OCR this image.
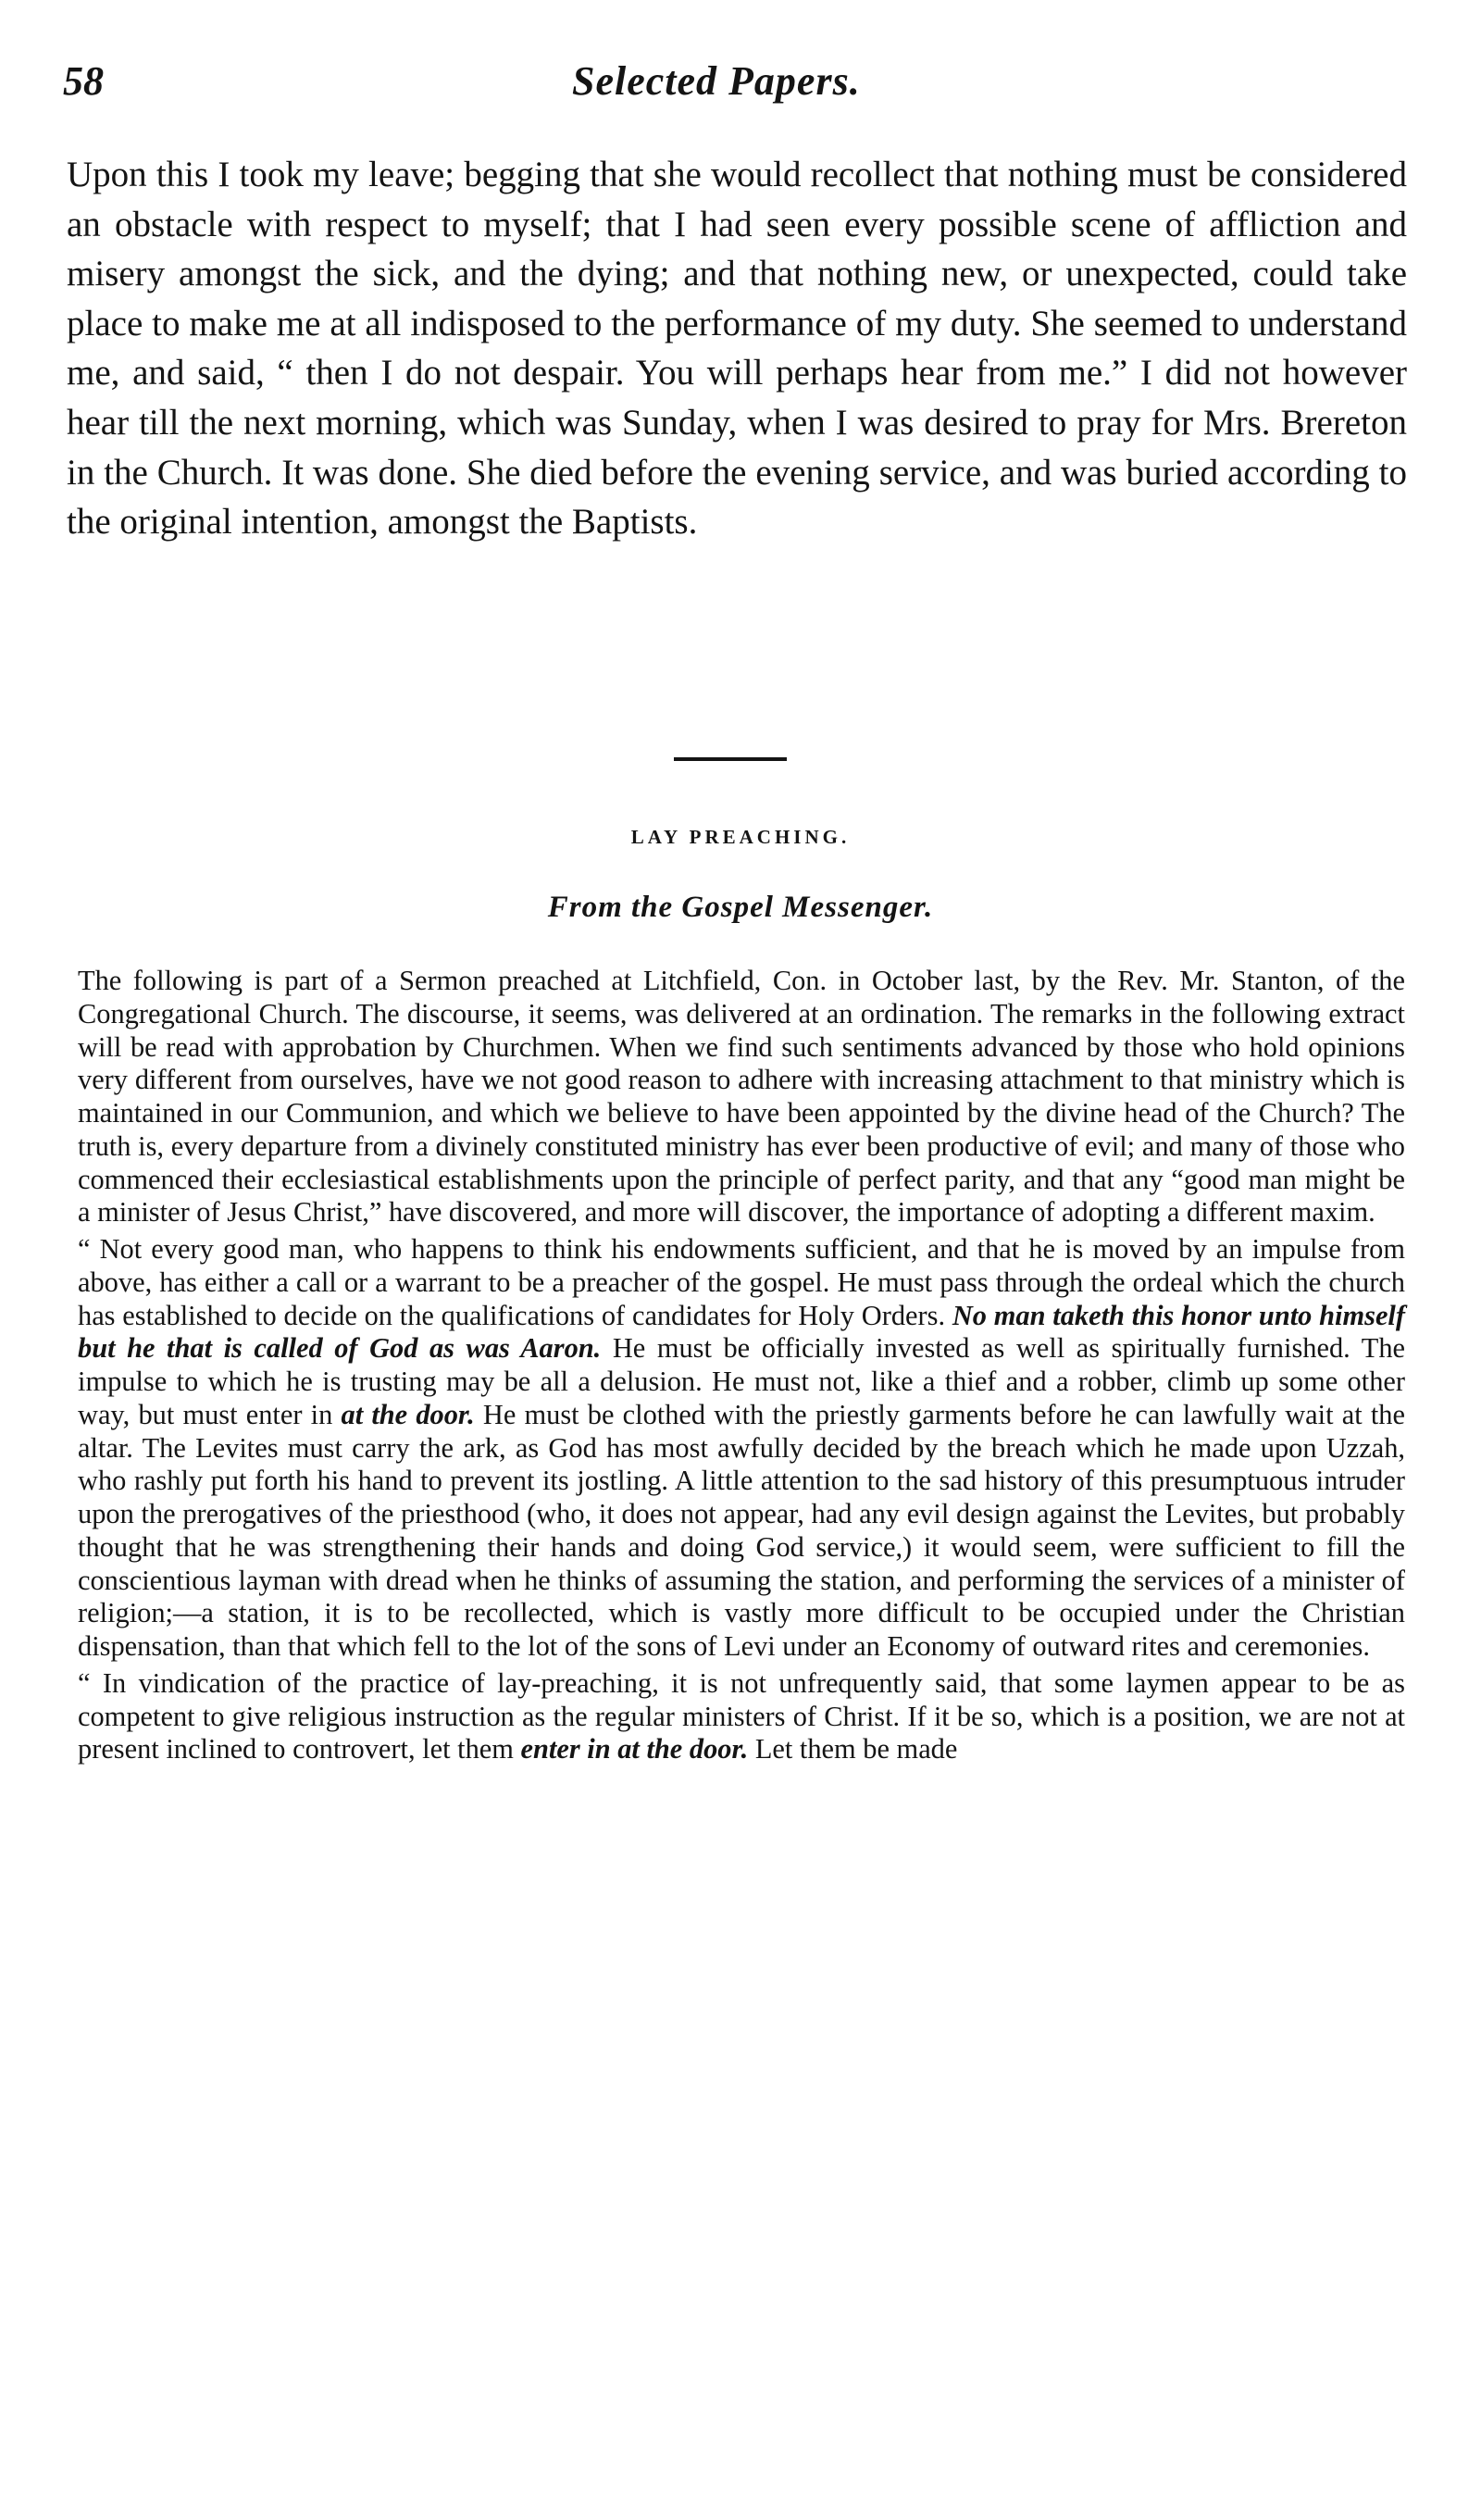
58	Selected Papers.

Upon this I took my leave; begging that she would recollect that nothing must be considered an obstacle with respect to myself; that I had seen every possible scene of affliction and misery amongst the sick, and the dying; and that nothing new, or unexpected, could take place to make me at all indisposed to the performance of my duty. She seemed to understand me, and said, “ then I do not despair. You will perhaps hear from me.” I did not however hear till the next morning, which was Sunday, when I was desired to pray for Mrs. Brereton in the Church. It was done. She died before the evening service, and was buried according to the original intention, amongst the Baptists.

LAY PREACHING.

From the Gospel Messenger.

The following is part of a Sermon preached at Litchfield, Con. in October last, by the Rev. Mr. Stanton, of the Congregational Church. The discourse, it seems, was delivered at an ordination. The remarks in the following extract will be read with approbation by Churchmen. When we find such sentiments advanced by those who hold opinions very different from ourselves, have we not good reason to adhere with increasing attachment to that ministry which is maintained in our Communion, and which we believe to have been appointed by the divine head of the Church? The truth is, every departure from a divinely constituted ministry has ever been productive of evil; and many of those who commenced their ecclesiastical establishments upon the principle of perfect parity, and that any “good man might be a minister of Jesus Christ,” have discovered, and more will discover, the importance of adopting a different maxim.

“ Not every good man, who happens to think his endowments sufficient, and that he is moved by an impulse from above, has either a call or a warrant to be a preacher of the gospel. He must pass through the ordeal which the church has established to decide on the qualifications of candidates for Holy Orders. No man taketh this honor unto himself but he that is called of God as was Aaron. He must be officially invested as well as spiritually furnished. The impulse to which he is trusting may be all a delusion. He must not, like a thief and a robber, climb up some other way, but must enter in at the door. He must be clothed with the priestly garments before he can lawfully wait at the altar. The Levites must carry the ark, as God has most awfully decided by the breach which he made upon Uzzah, who rashly put forth his hand to prevent its jostling. A little attention to the sad history of this presumptuous intruder upon the prerogatives of the priesthood (who, it does not appear, had any evil design against the Levites, but probably thought that he was strengthening their hands and doing God service,) it would seem, were sufficient to fill the conscientious layman with dread when he thinks of assuming the station, and performing the services of a minister of religion;—a station, it is to be recollected, which is vastly more difficult to be occupied under the Christian dispensation, than that which fell to the lot of the sons of Levi under an Economy of outward rites and ceremonies.

“ In vindication of the practice of lay-preaching, it is not unfrequently said, that some laymen appear to be as competent to give religious instruction as the regular ministers of Christ. If it be so, which is a position, we are not at present inclined to controvert, let them enter in at the door. Let them be made
